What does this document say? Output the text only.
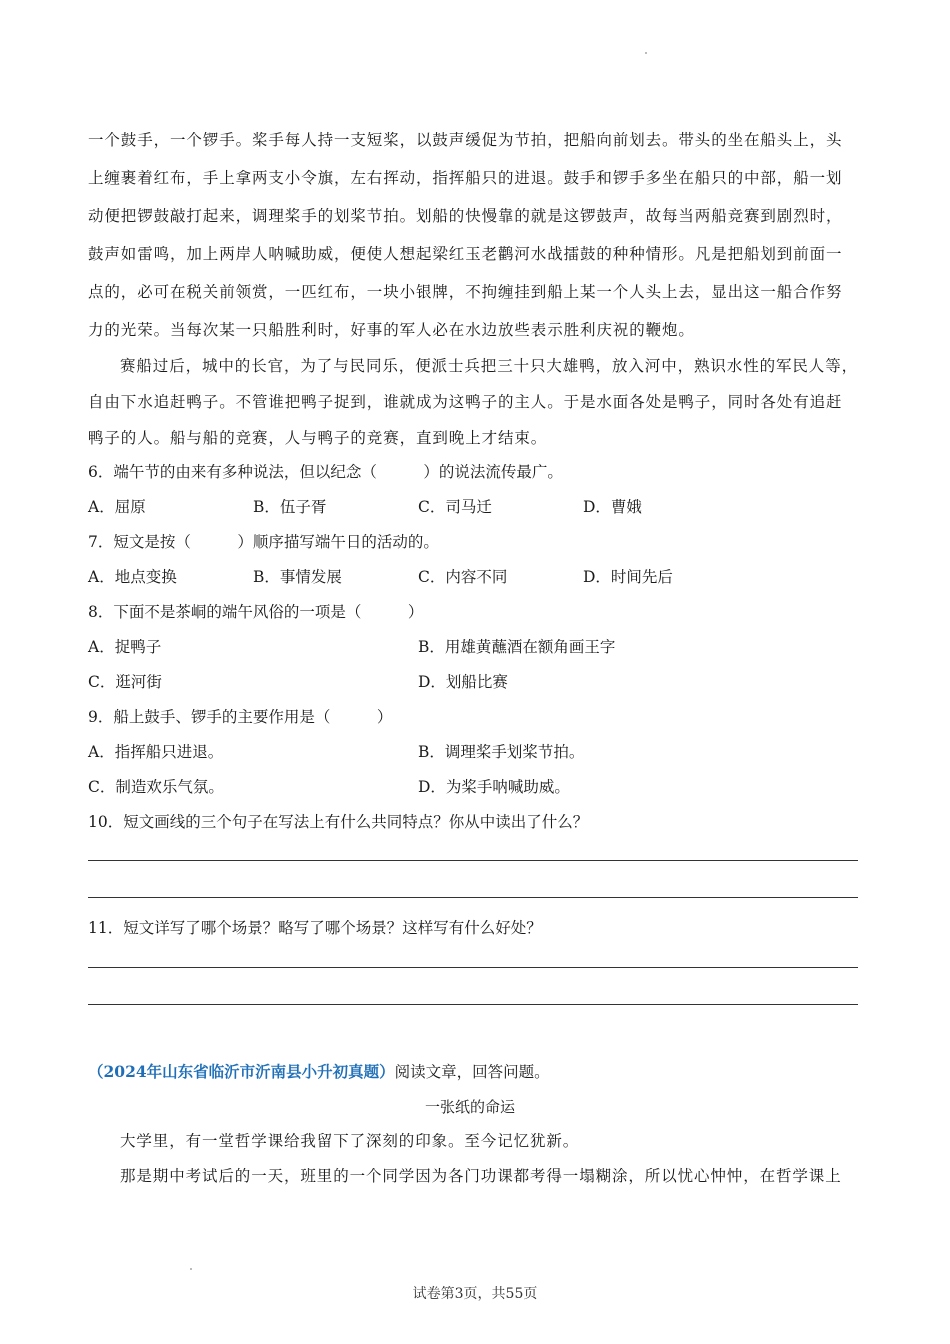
一个鼓手，一个锣手。桨手每人持一支短桨，以鼓声缓促为节拍，把船向前划去。带头的坐在船头上，头
上缠裹着红布，手上拿两支小令旗，左右挥动，指挥船只的进退。鼓手和锣手多坐在船只的中部，船一划
动便把锣鼓敲打起来，调理桨手的划桨节拍。划船的快慢靠的就是这锣鼓声，故每当两船竞赛到剧烈时，
鼓声如雷鸣，加上两岸人呐喊助威，便使人想起梁红玉老鹳河水战擂鼓的种种情形。凡是把船划到前面一
点的，必可在税关前领赏，一匹红布，一块小银牌，不拘缠挂到船上某一个人头上去，显出这一船合作努
力的光荣。当每次某一只船胜利时，好事的军人必在水边放些表示胜利庆祝的鞭炮。
赛船过后，城中的长官，为了与民同乐，便派士兵把三十只大雄鸭，放入河中，熟识水性的军民人等，
自由下水追赶鸭子。不管谁把鸭子捉到，谁就成为这鸭子的主人。于是水面各处是鸭子，同时各处有追赶
鸭子的人。船与船的竞赛，人与鸭子的竞赛，直到晚上才结束。
6．端午节的由来有多种说法，但以纪念（　　　）的说法流传最广。
A．屈原	B．伍子胥	C．司马迁	D．曹娥
7．短文是按（　　　）顺序描写端午日的活动的。
A．地点变换	B．事情发展	C．内容不同	D．时间先后
8．下面不是茶峒的端午风俗的一项是（　　　）
A．捉鸭子	B．用雄黄蘸酒在额角画王字
C．逛河街	D．划船比赛
9．船上鼓手、锣手的主要作用是（　　　）
A．指挥船只进退。	B．调理桨手划桨节拍。
C．制造欢乐气氛。	D．为桨手呐喊助威。
10．短文画线的三个句子在写法上有什么共同特点？你从中读出了什么？
11．短文详写了哪个场景？略写了哪个场景？这样写有什么好处？
（2024年山东省临沂市沂南县小升初真题）阅读文章，回答问题。
一张纸的命运
大学里，有一堂哲学课给我留下了深刻的印象。至今记忆犹新。
那是期中考试后的一天，班里的一个同学因为各门功课都考得一塌糊涂，所以忧心忡忡，在哲学课上
试卷第3页，共55页
